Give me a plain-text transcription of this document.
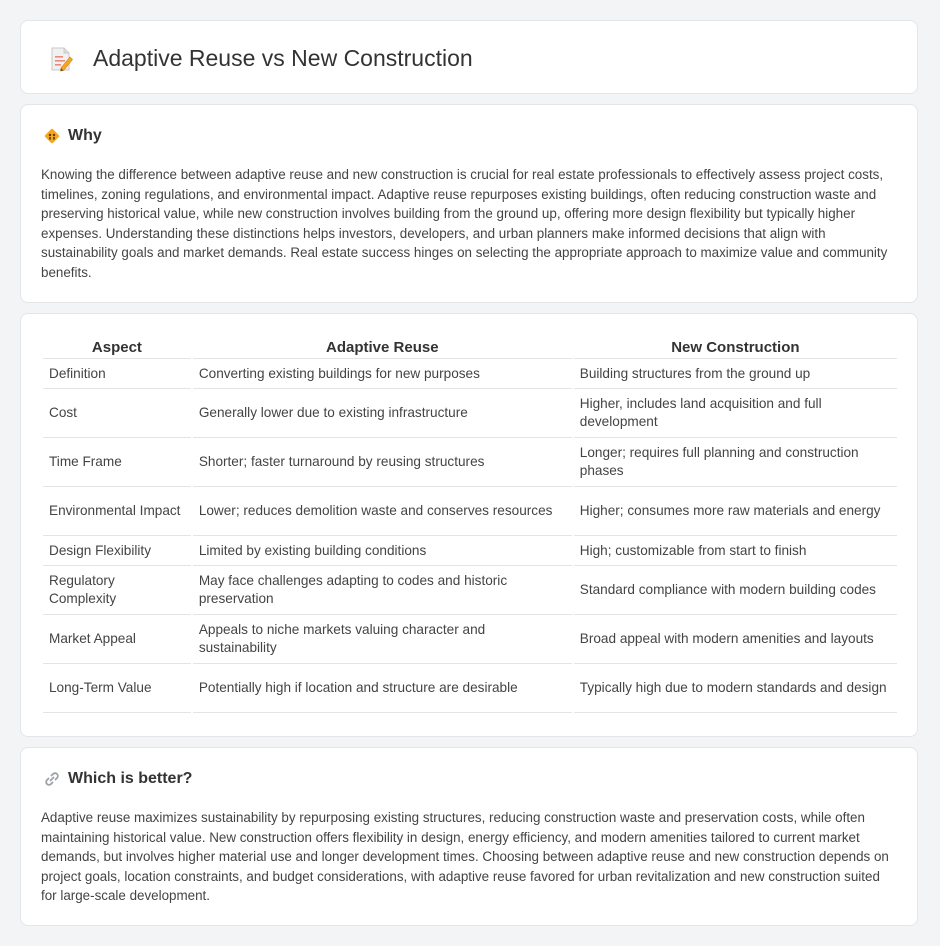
Adaptive Reuse vs New Construction
Why

Knowing the difference between adaptive reuse and new construction is crucial for real estate professionals to effectively assess project costs, timelines, zoning regulations, and environmental impact. Adaptive reuse repurposes existing buildings, often reducing construction waste and preserving historical value, while new construction involves building from the ground up, offering more design flexibility but typically higher expenses. Understanding these distinctions helps investors, developers, and urban planners make informed decisions that align with sustainability goals and market demands. Real estate success hinges on selecting the appropriate approach to maximize value and community benefits.

Aspect	Adaptive Reuse	New Construction
Definition	Converting existing buildings for new purposes	Building structures from the ground up
Cost	Generally lower due to existing infrastructure	Higher, includes land acquisition and full development
Time Frame	Shorter; faster turnaround by reusing structures	Longer; requires full planning and construction phases
Environmental Impact	Lower; reduces demolition waste and conserves resources	Higher; consumes more raw materials and energy
Design Flexibility	Limited by existing building conditions	High; customizable from start to finish
Regulatory Complexity	May face challenges adapting to codes and historic preservation	Standard compliance with modern building codes
Market Appeal	Appeals to niche markets valuing character and sustainability	Broad appeal with modern amenities and layouts
Long-Term Value	Potentially high if location and structure are desirable	Typically high due to modern standards and design
Which is better?

Adaptive reuse maximizes sustainability by repurposing existing structures, reducing construction waste and preservation costs, while often maintaining historical value. New construction offers flexibility in design, energy efficiency, and modern amenities tailored to current market demands, but involves higher material use and longer development times. Choosing between adaptive reuse and new construction depends on project goals, location constraints, and budget considerations, with adaptive reuse favored for urban revitalization and new construction suited for large-scale development.
